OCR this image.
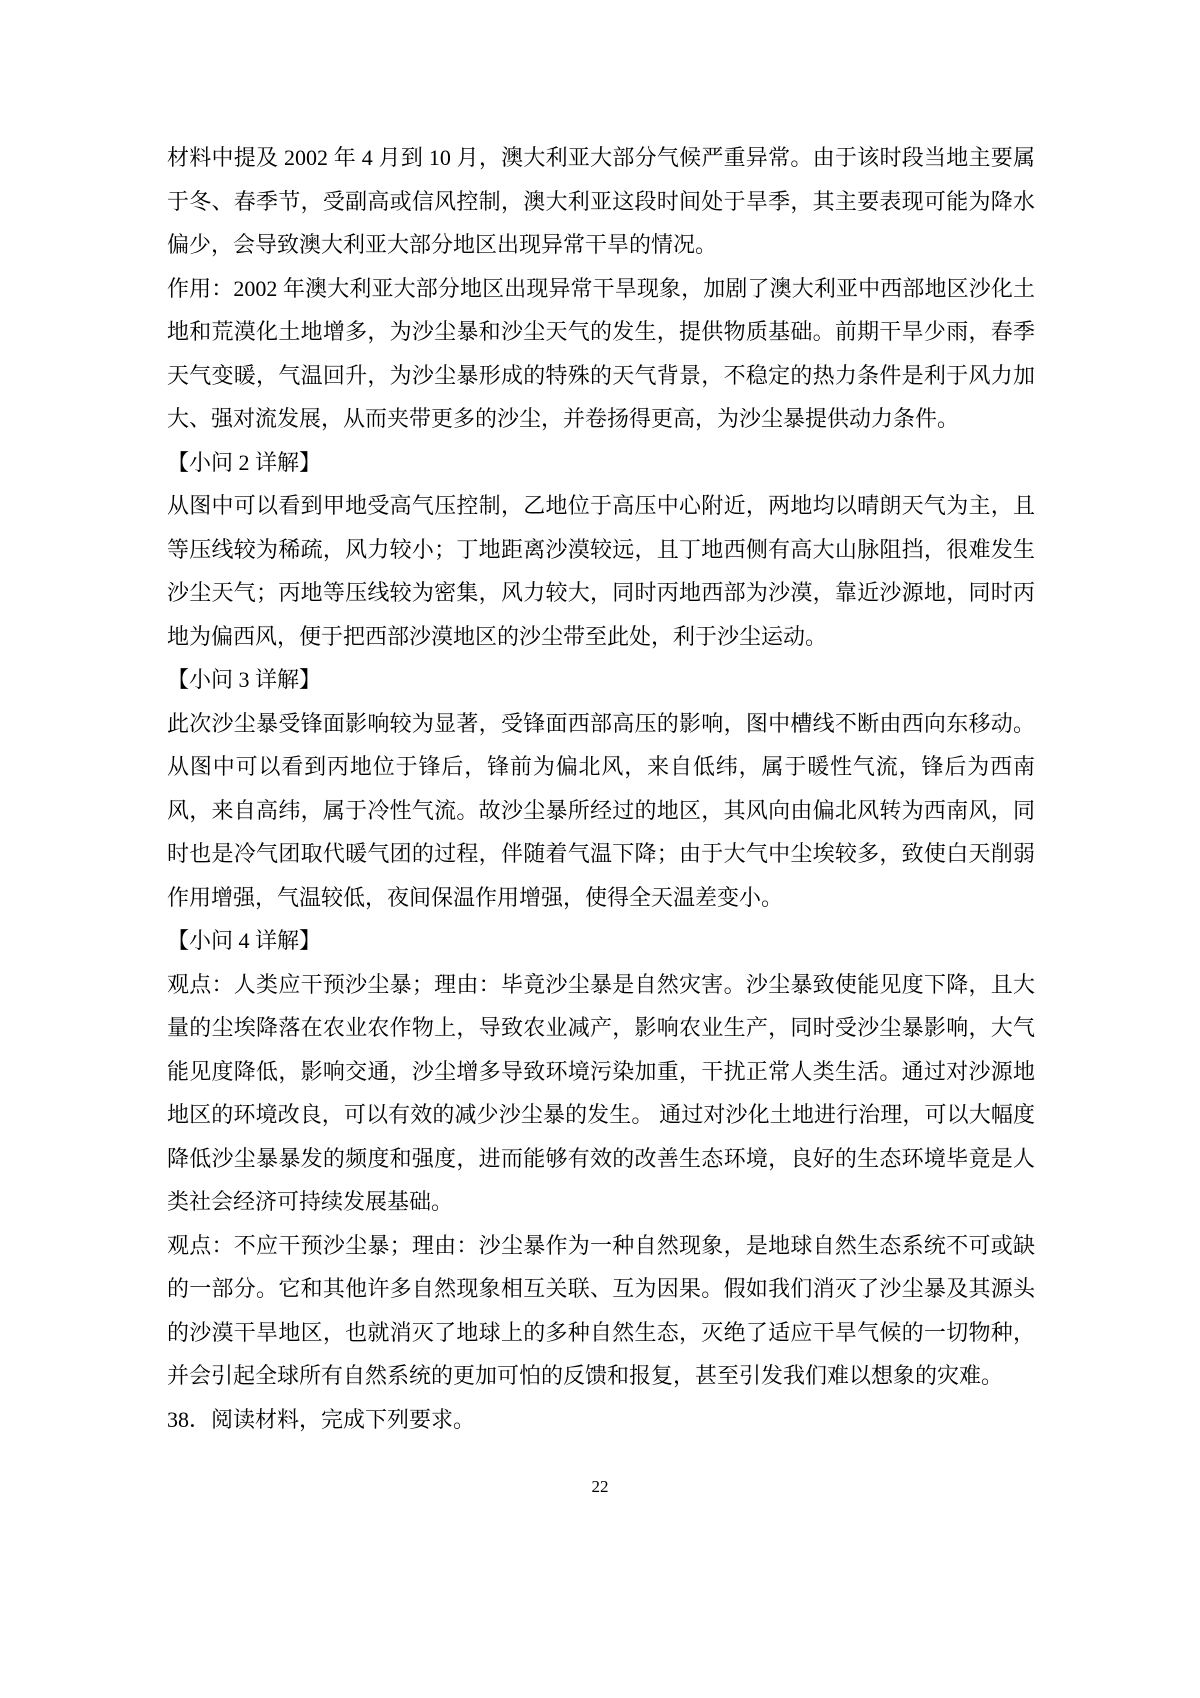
材料中提及 2002 年 4 月到 10 月，澳大利亚大部分气候严重异常。由于该时段当地主要属于冬、春季节，受副高或信风控制，澳大利亚这段时间处于旱季，其主要表现可能为降水偏少，会导致澳大利亚大部分地区出现异常干旱的情况。

作用：2002 年澳大利亚大部分地区出现异常干旱现象，加剧了澳大利亚中西部地区沙化土地和荒漠化土地增多，为沙尘暴和沙尘天气的发生，提供物质基础。前期干旱少雨，春季天气变暖，气温回升，为沙尘暴形成的特殊的天气背景，不稳定的热力条件是利于风力加大、强对流发展，从而夹带更多的沙尘，并卷扬得更高，为沙尘暴提供动力条件。

【小问 2 详解】

从图中可以看到甲地受高气压控制，乙地位于高压中心附近，两地均以晴朗天气为主，且等压线较为稀疏，风力较小；丁地距离沙漠较远，且丁地西侧有高大山脉阻挡，很难发生沙尘天气；丙地等压线较为密集，风力较大，同时丙地西部为沙漠，靠近沙源地，同时丙地为偏西风，便于把西部沙漠地区的沙尘带至此处，利于沙尘运动。

【小问 3 详解】

此次沙尘暴受锋面影响较为显著，受锋面西部高压的影响，图中槽线不断由西向东移动。从图中可以看到丙地位于锋后，锋前为偏北风，来自低纬，属于暖性气流，锋后为西南风，来自高纬，属于冷性气流。故沙尘暴所经过的地区，其风向由偏北风转为西南风，同时也是冷气团取代暖气团的过程，伴随着气温下降；由于大气中尘埃较多，致使白天削弱作用增强，气温较低，夜间保温作用增强，使得全天温差变小。

【小问 4 详解】

观点：人类应干预沙尘暴；理由：毕竟沙尘暴是自然灾害。沙尘暴致使能见度下降，且大量的尘埃降落在农业农作物上，导致农业减产，影响农业生产，同时受沙尘暴影响，大气能见度降低，影响交通，沙尘增多导致环境污染加重，干扰正常人类生活。通过对沙源地地区的环境改良，可以有效的减少沙尘暴的发生。 通过对沙化土地进行治理，可以大幅度降低沙尘暴暴发的频度和强度，进而能够有效的改善生态环境，良好的生态环境毕竟是人类社会经济可持续发展基础。

观点：不应干预沙尘暴；理由：沙尘暴作为一种自然现象，是地球自然生态系统不可或缺的一部分。它和其他许多自然现象相互关联、互为因果。假如我们消灭了沙尘暴及其源头的沙漠干旱地区，也就消灭了地球上的多种自然生态，灭绝了适应干旱气候的一切物种，并会引起全球所有自然系统的更加可怕的反馈和报复，甚至引发我们难以想象的灾难。

38．阅读材料，完成下列要求。

22
